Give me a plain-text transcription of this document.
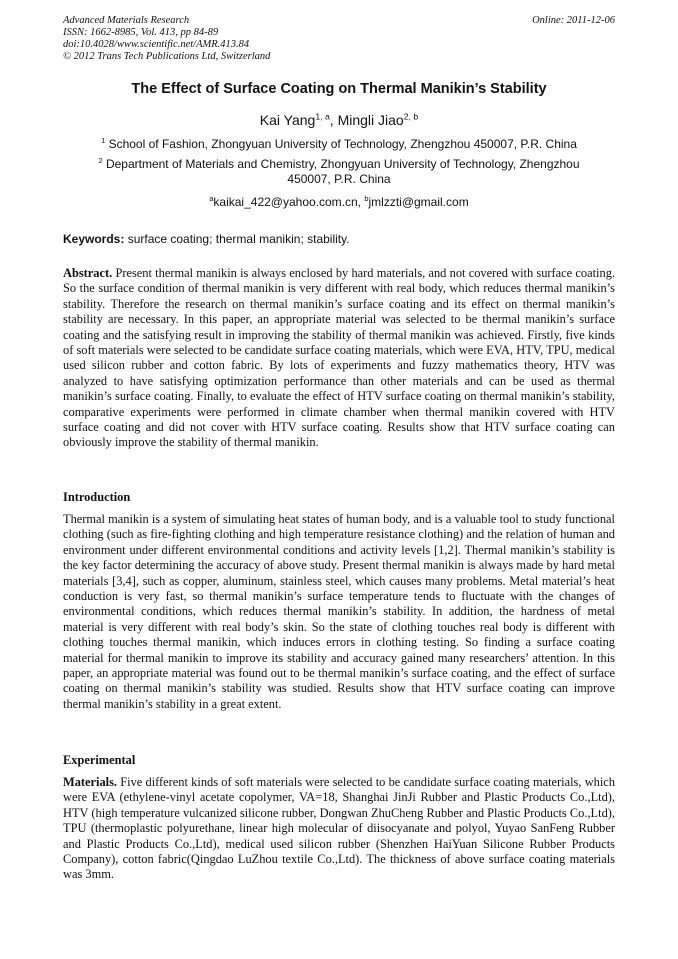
Advanced Materials Research
ISSN: 1662-8985, Vol. 413, pp 84-89
doi:10.4028/www.scientific.net/AMR.413.84
© 2012 Trans Tech Publications Ltd, Switzerland
Online: 2011-12-06
The Effect of Surface Coating on Thermal Manikin’s Stability
Kai Yang$^{1, a}$, Mingli Jiao$^{2, b}$
$^1$ School of Fashion, Zhongyuan University of Technology, Zhengzhou 450007, P.R. China
$^2$ Department of Materials and Chemistry, Zhongyuan University of Technology, Zhengzhou 450007, P.R. China
$^a$kaikai_422@yahoo.com.cn, $^b$jmlzzti@gmail.com
Keywords: surface coating; thermal manikin; stability.
Abstract. Present thermal manikin is always enclosed by hard materials, and not covered with surface coating. So the surface condition of thermal manikin is very different with real body, which reduces thermal manikin’s stability. Therefore the research on thermal manikin’s surface coating and its effect on thermal manikin’s stability are necessary. In this paper, an appropriate material was selected to be thermal manikin’s surface coating and the satisfying result in improving the stability of thermal manikin was achieved. Firstly, five kinds of soft materials were selected to be candidate surface coating materials, which were EVA, HTV, TPU, medical used silicon rubber and cotton fabric. By lots of experiments and fuzzy mathematics theory, HTV was analyzed to have satisfying optimization performance than other materials and can be used as thermal manikin’s surface coating. Finally, to evaluate the effect of HTV surface coating on thermal manikin’s stability, comparative experiments were performed in climate chamber when thermal manikin covered with HTV surface coating and did not cover with HTV surface coating. Results show that HTV surface coating can obviously improve the stability of thermal manikin.
Introduction
Thermal manikin is a system of simulating heat states of human body, and is a valuable tool to study functional clothing (such as fire-fighting clothing and high temperature resistance clothing) and the relation of human and environment under different environmental conditions and activity levels [1,2]. Thermal manikin’s stability is the key factor determining the accuracy of above study. Present thermal manikin is always made by hard metal materials [3,4], such as copper, aluminum, stainless steel, which causes many problems. Metal material’s heat conduction is very fast, so thermal manikin’s surface temperature tends to fluctuate with the changes of environmental conditions, which reduces thermal manikin’s stability. In addition, the hardness of metal material is very different with real body’s skin. So the state of clothing touches real body is different with clothing touches thermal manikin, which induces errors in clothing testing. So finding a surface coating material for thermal manikin to improve its stability and accuracy gained many researchers’ attention. In this paper, an appropriate material was found out to be thermal manikin’s surface coating, and the effect of surface coating on thermal manikin’s stability was studied. Results show that HTV surface coating can improve thermal manikin’s stability in a great extent.
Experimental
Materials. Five different kinds of soft materials were selected to be candidate surface coating materials, which were EVA (ethylene-vinyl acetate copolymer, VA=18, Shanghai JinJi Rubber and Plastic Products Co.,Ltd), HTV (high temperature vulcanized silicone rubber, Dongwan ZhuCheng Rubber and Plastic Products Co.,Ltd), TPU (thermoplastic polyurethane, linear high molecular of diisocyanate and polyol, Yuyao SanFeng Rubber and Plastic Products Co.,Ltd), medical used silicon rubber (Shenzhen HaiYuan Silicone Rubber Products Company), cotton fabric(Qingdao LuZhou textile Co.,Ltd). The thickness of above surface coating materials was 3mm.
